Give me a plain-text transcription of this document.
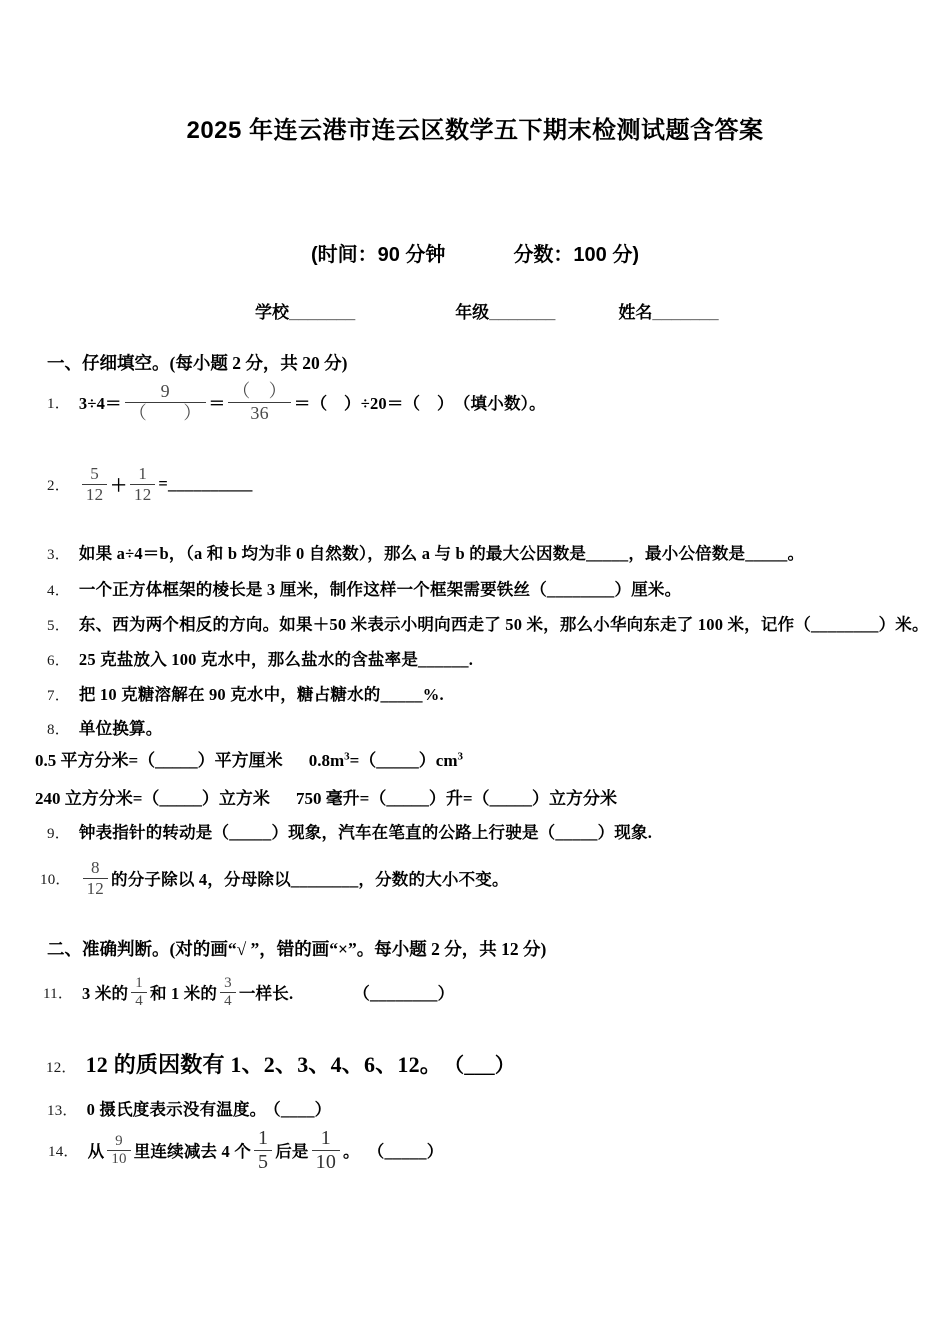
2025 年连云港市连云区数学五下期末检测试题含答案
(时间：90 分钟	分数：100 分)
学校_______	年级_______	姓名_______
一、仔细填空。(每小题 2 分，共 20 分)
1． $3\div 4= \frac{9}{( )} = \frac{( )}{36}$ ＝（　）÷20＝（　）　（填小数）。
2． $\frac{5}{12} + \frac{1}{12}$ =__________
3． 如果 a÷4＝b，（a 和 b 均为非 0 自然数），那么 a 与 b 的最大公因数是_____，最小公倍数是_____。
4． 一个正方体框架的棱长是 3 厘米，制作这样一个框架需要铁丝（________）厘米。
5． 东、西为两个相反的方向。如果＋50 米表示小明向西走了 50 米，那么小华向东走了 100 米，记作（________）米。
6． 25 克盐放入 100 克水中，那么盐水的含盐率是______.
7． 把 10 克糖溶解在 90 克水中，糖占糖水的_____%.
8． 单位换算。
0.5 平方分米=（_____）平方厘米 $0.8m^3=(\_\_\_\_\_)cm^3$
240 立方分米=（_____）立方米 750 毫升=（_____）升=（_____）立方分米
9． 钟表指针的转动是（_____）现象，汽车在笔直的公路上行驶是（_____）现象.
10． $\frac{8}{12}$ 的分子除以 4，分母除以________，分数的大小不变。
二、准确判断。(对的画“√ ”，错的画“×”。每小题 2 分，共 12 分)
11． 3 米的 $\frac{1}{4}$ 和 1 米的 $\frac{3}{4}$ 一样长.	（________）
12． 12 的质因数有 1、2、3、4、6、12。 （___）
13． 0 摄氏度表示没有温度。 （____）
14． 从 $\frac{9}{10}$ 里连续减去 4 个 $\frac{1}{5}$ 后是 $\frac{1}{10}$ 。 （_____）
